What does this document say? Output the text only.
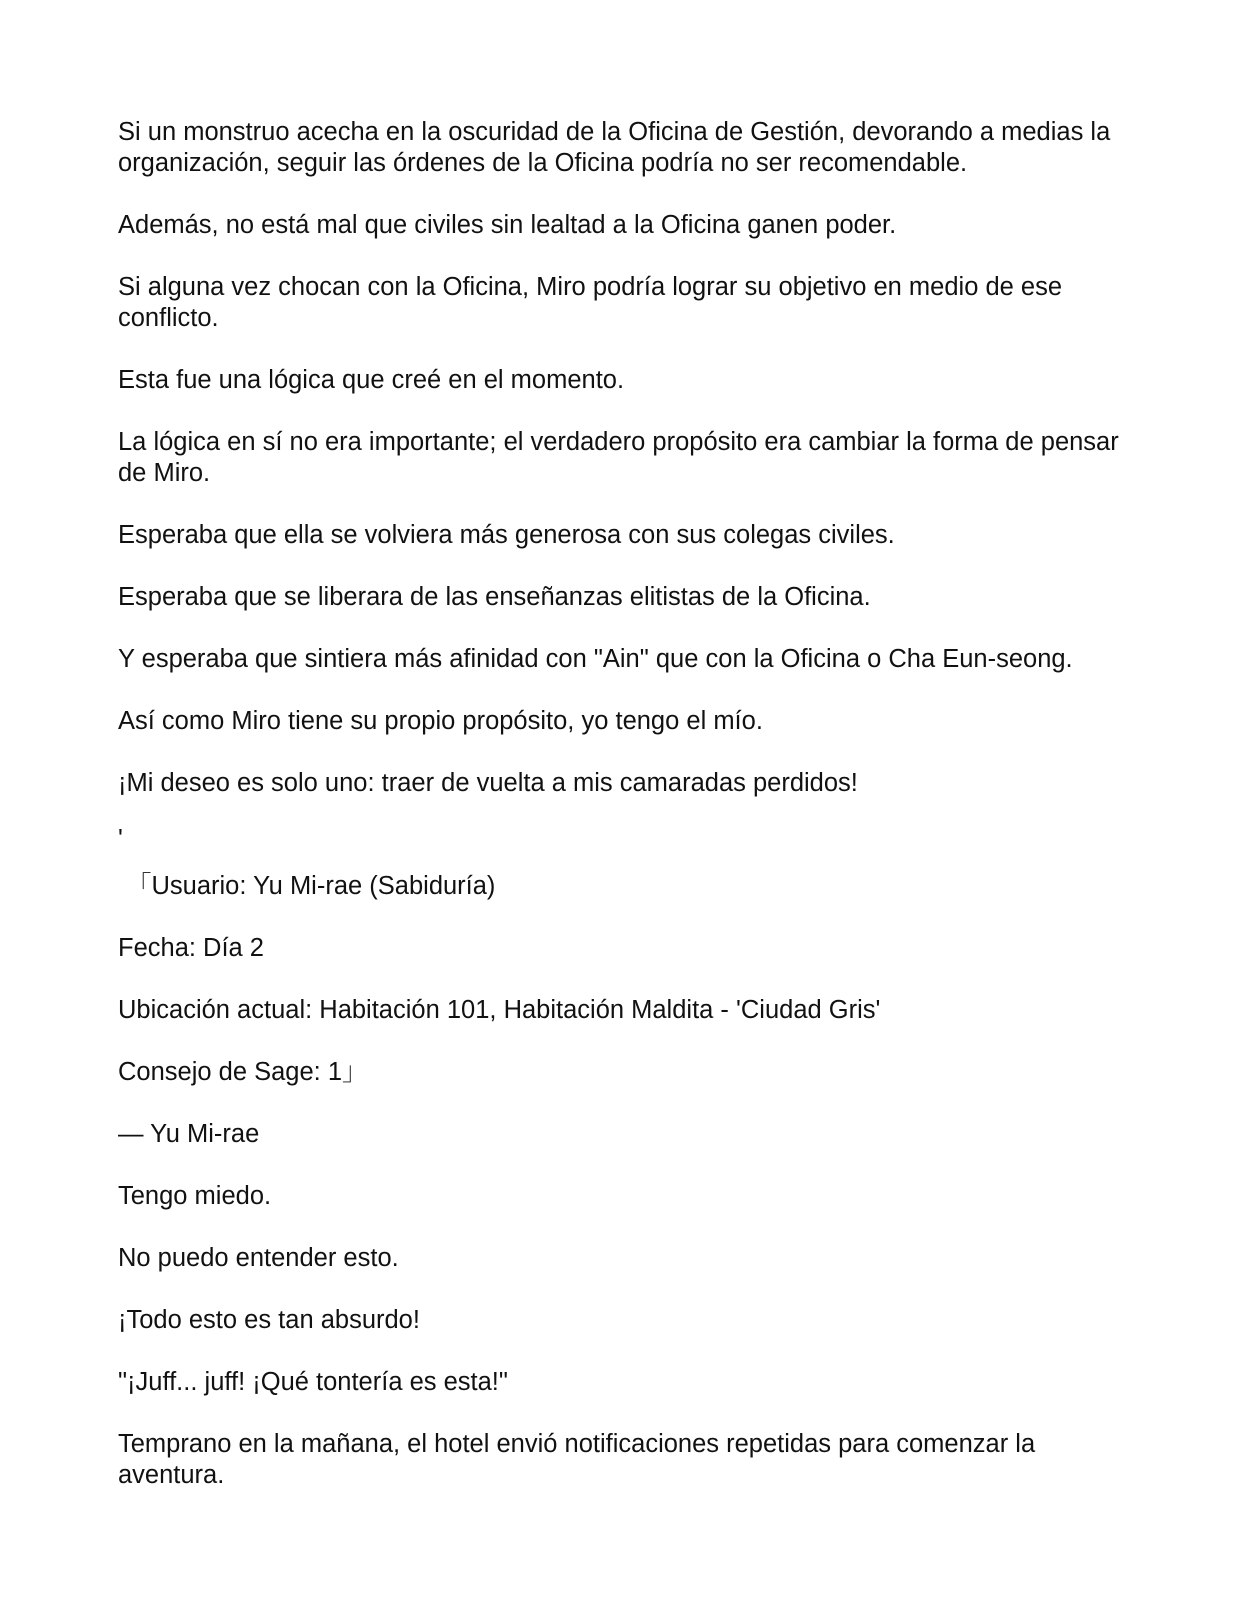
Si un monstruo acecha en la oscuridad de la Oficina de Gestión, devorando a medias la organización, seguir las órdenes de la Oficina podría no ser recomendable.

Además, no está mal que civiles sin lealtad a la Oficina ganen poder.

Si alguna vez chocan con la Oficina, Miro podría lograr su objetivo en medio de ese conflicto.

Esta fue una lógica que creé en el momento.

La lógica en sí no era importante; el verdadero propósito era cambiar la forma de pensar de Miro.

Esperaba que ella se volviera más generosa con sus colegas civiles.

Esperaba que se liberara de las enseñanzas elitistas de la Oficina.

Y esperaba que sintiera más afinidad con "Ain" que con la Oficina o Cha Eun-seong.

Así como Miro tiene su propio propósito, yo tengo el mío.

¡Mi deseo es solo uno: traer de vuelta a mis camaradas perdidos!

'

「Usuario: Yu Mi-rae (Sabiduría)

Fecha: Día 2

Ubicación actual: Habitación 101, Habitación Maldita - 'Ciudad Gris'

Consejo de Sage: 1」

— Yu Mi-rae

Tengo miedo.

No puedo entender esto.

¡Todo esto es tan absurdo!

"¡Juff... juff! ¡Qué tontería es esta!"

Temprano en la mañana, el hotel envió notificaciones repetidas para comenzar la aventura.
